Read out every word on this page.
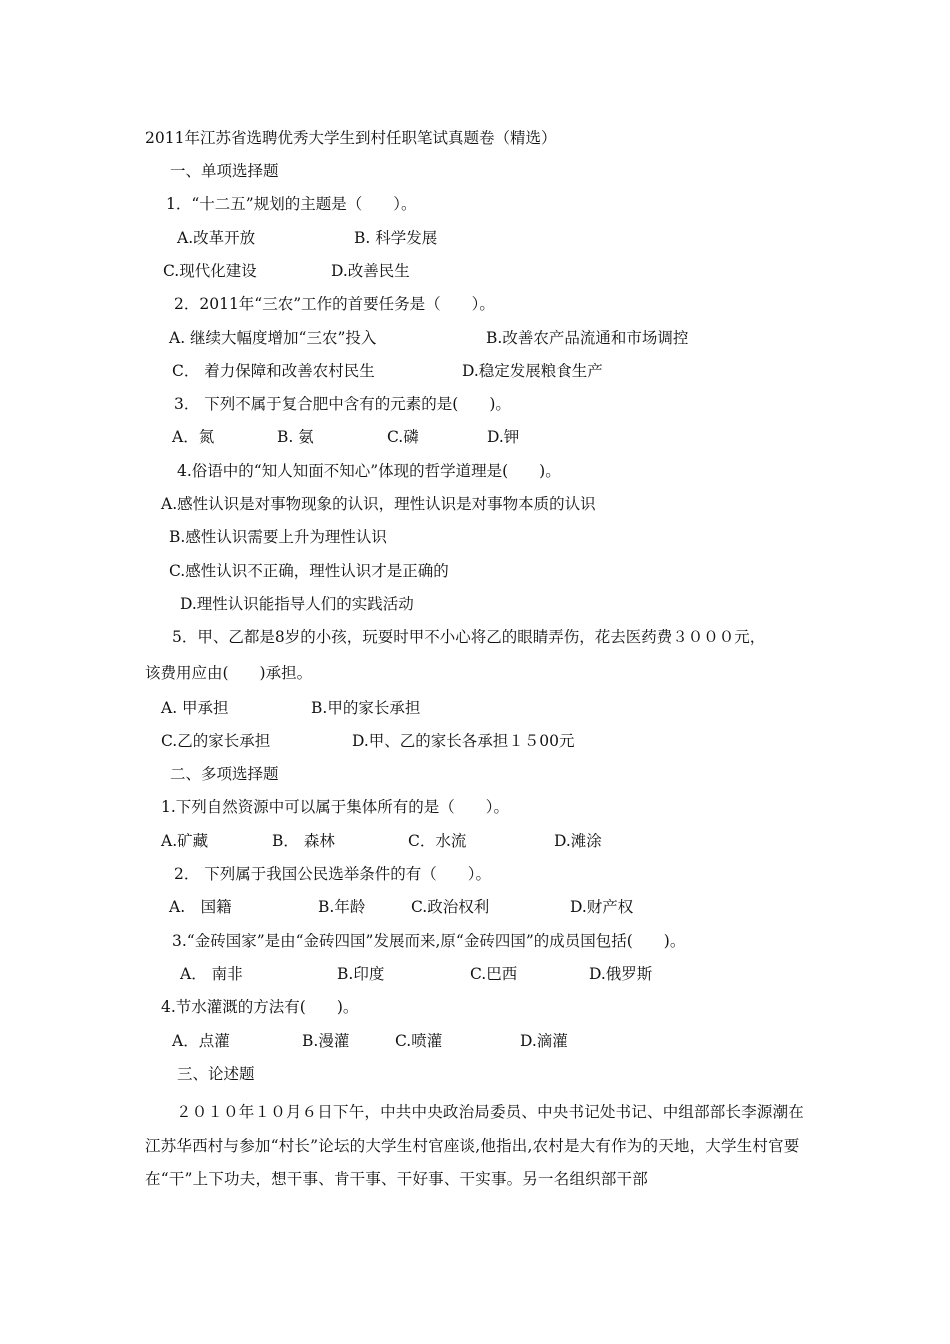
2011年江苏省选聘优秀大学生到村任职笔试真题卷（精选）
一、单项选择题
1．“十二五”规划的主题是（　　）。
A.改革开放	B. 科学发展
C.现代化建设	D.改善民生
2．2011年“三农”工作的首要任务是（　　）。
A. 继续大幅度增加“三农”投入	B.改善农产品流通和市场调控
C． 着力保障和改善农村民生	D.稳定发展粮食生产
3． 下列不属于复合肥中含有的元素的是(　　)。
A．氮	B. 氨	C.磷	D.钾
4.俗语中的“知人知面不知心”体现的哲学道理是(　　)。
A.感性认识是对事物现象的认识，理性认识是对事物本质的认识
B.感性认识需要上升为理性认识
C.感性认识不正确，理性认识才是正确的
D.理性认识能指导人们的实践活动
5．甲、乙都是8岁的小孩，玩耍时甲不小心将乙的眼睛弄伤，花去医药费３０００元，
该费用应由(　　)承担。
A. 甲承担	B.甲的家长承担
C.乙的家长承担	D.甲、乙的家长各承担１５00元
二、多项选择题
1.下列自然资源中可以属于集体所有的是（　　）。
A.矿藏	B． 森林	C．水流	D.滩涂
2． 下列属于我国公民选举条件的有（　　）。
A.　国籍	B.年龄	C.政治权利	D.财产权
3.“金砖国家”是由“金砖四国”发展而来,原“金砖四国”的成员国包括(　　)。
A． 南非	B.印度	C.巴西	D.俄罗斯
4.节水灌溉的方法有(　　)。
A．点灌	B.漫灌	C.喷灌	D.滴灌
三、论述题
２０１０年１０月６日下午，中共中央政治局委员、中央书记处书记、中组部部长李源潮在江苏华西村与参加“村长”论坛的大学生村官座谈,他指出,农村是大有作为的天地，大学生村官要在“干”上下功夫，想干事、肯干事、干好事、干实事。另一名组织部干部
